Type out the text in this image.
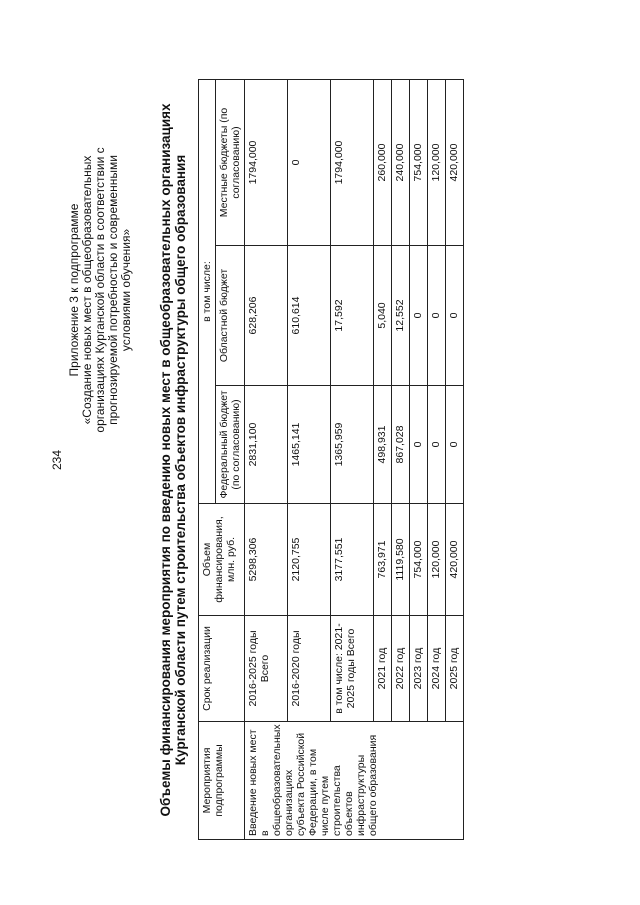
234
Приложение 3 к подпрограмме «Создание новых мест в общеобразовательных организациях Курганской области в соответствии с прогнозируемой потребностью и современными условиями обучения» Объемы финансирования мероприятия по введению новых мест в общеобразовательных организациях Курганской области путем строительства объектов инфраструктуры общего образования
Мероприятия подпрограммы	Срок реализации	Объем финансирования, млн. руб.	в том числе:		
			Федеральный бюджет (по согласованию)	Областной бюджет	Местные бюджеты (по согласованию)
Введение новых мест в общеобразовательных организациях субъекта Российской Федерации, в том числе путем строительства объектов инфраструктуры общего образования	2016-2025 годы Всего	5298,306	2831,100	628,206	1794,000
	2016-2020 годы	2120,755	1465,141	610,614	0
	в том числе: 2021-2025 годы Всего	3177,551	1365,959	17,592	1794,000
	2021 год	763,971	498,931	5,040	260,000
	2022 год	1119,580	867,028	12,552	240,000
	2023 год	754,000	0	0	754,000
	2024 год	120,000	0	0	120,000
	2025 год	420,000	0	0	420,000
